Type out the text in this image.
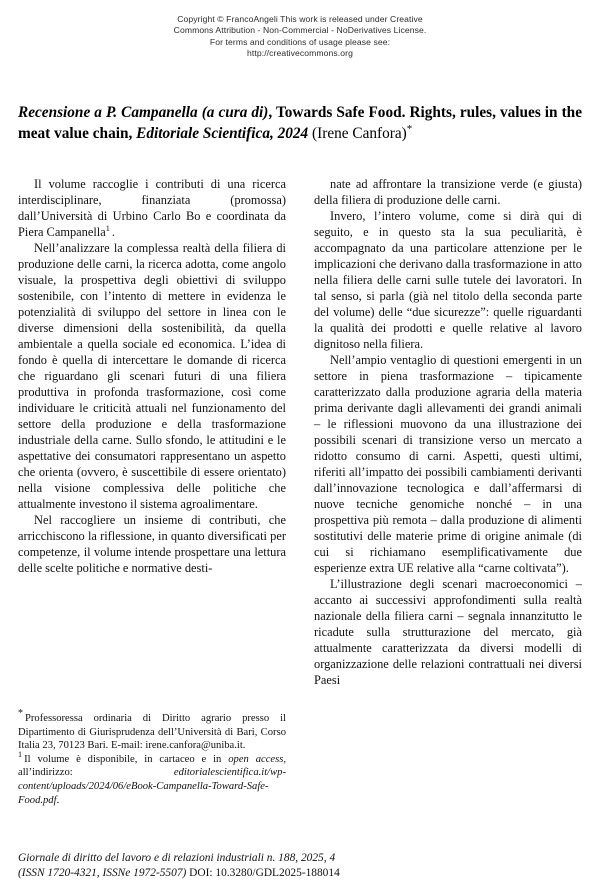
Copyright © FrancoAngeli This work is released under Creative
Commons Attribution - Non-Commercial - NoDerivatives License.
For terms and conditions of usage please see:
http://creativecommons.org
Recensione a P. Campanella (a cura di), Towards Safe Food. Rights, rules, values in the meat value chain, Editoriale Scientifica, 2024 (Irene Canfora)*

Il volume raccoglie i contributi di una ricerca interdisciplinare, finanziata (promossa) dall’Università di Urbino Carlo Bo e coordinata da Piera Campanella$^1$ .

Nell’analizzare la complessa realtà della filiera di produzione delle carni, la ricerca adotta, come angolo visuale, la prospettiva degli obiettivi di sviluppo sostenibile, con l’intento di mettere in evidenza le potenzialità di sviluppo del settore in linea con le diverse dimensioni della sostenibilità, da quella ambientale a quella sociale ed economica. L’idea di fondo è quella di intercettare le domande di ricerca che riguardano gli scenari futuri di una filiera produttiva in profonda trasformazione, così come individuare le criticità attuali nel funzionamento del settore della produzione e della trasformazione industriale della carne. Sullo sfondo, le attitudini e le aspettative dei consumatori rappresentano un aspetto che orienta (ovvero, è suscettibile di essere orientato) nella visione complessiva delle politiche che attualmente investono il sistema agroalimentare.

Nel raccogliere un insieme di contributi, che arricchiscono la riflessione, in quanto diversificati per competenze, il volume intende prospettare una lettura delle scelte politiche e normative desti-

* Professoressa ordinaria di Diritto agrario presso il Dipartimento di Giurisprudenza dell’Università di Bari, Corso Italia 23, 70123 Bari. E-mail: irene.canfora@uniba.it.

$^1$ Il volume è disponibile, in cartaceo e in open access, all’indirizzo: editorialescientifica.it/wp-content/uploads/2024/06/eBook-Campanella-Toward-Safe-Food.pdf.

nate ad affrontare la transizione verde (e giusta) della filiera di produzione delle carni.

Invero, l’intero volume, come si dirà qui di seguito, e in questo sta la sua peculiarità, è accompagnato da una particolare attenzione per le implicazioni che derivano dalla trasformazione in atto nella filiera delle carni sulle tutele dei lavoratori. In tal senso, si parla (già nel titolo della seconda parte del volume) delle “due sicurezze”: quelle riguardanti la qualità dei prodotti e quelle relative al lavoro dignitoso nella filiera.

Nell’ampio ventaglio di questioni emergenti in un settore in piena trasformazione – tipicamente caratterizzato dalla produzione agraria della materia prima derivante dagli allevamenti dei grandi animali – le riflessioni muovono da una illustrazione dei possibili scenari di transizione verso un mercato a ridotto consumo di carni. Aspetti, questi ultimi, riferiti all’impatto dei possibili cambiamenti derivanti dall’innovazione tecnologica e dall’affermarsi di nuove tecniche genomiche nonché – in una prospettiva più remota – dalla produzione di alimenti sostitutivi delle materie prime di origine animale (di cui si richiamano esemplificativamente due esperienze extra UE relative alla “carne coltivata”).

L’illustrazione degli scenari macroeconomici – accanto ai successivi approfondimenti sulla realtà nazionale della filiera carni – segnala innanzitutto le ricadute sulla strutturazione del mercato, già attualmente caratterizzata da diversi modelli di organizzazione delle relazioni contrattuali nei diversi Paesi

Giornale di diritto del lavoro e di relazioni industriali n. 188, 2025, 4
(ISSN 1720-4321, ISSNe 1972-5507) DOI: 10.3280/GDL2025-188014
